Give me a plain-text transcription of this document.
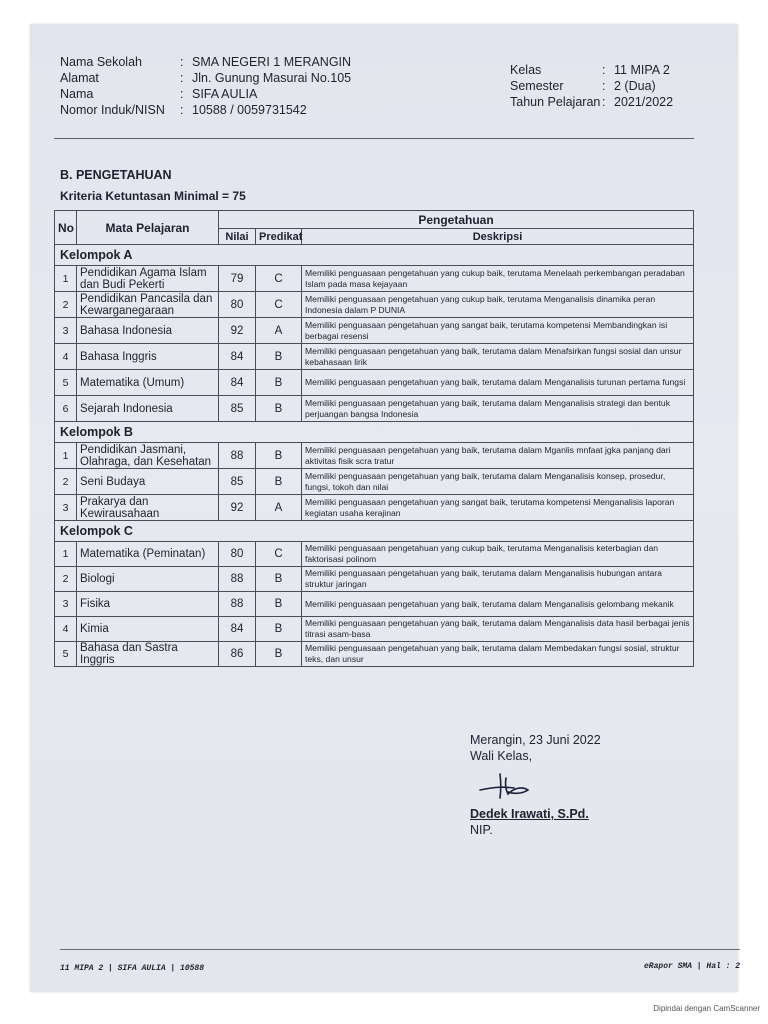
Nama Sekolah	: SMA NEGERI 1 MERANGIN
Alamat	: Jln. Gunung Masurai No.105
Nama	: SIFA AULIA
Nomor Induk/NISN	: 10588 / 0059731542
Kelas	: 11 MIPA 2
Semester	: 2 (Dua)
Tahun Pelajaran : 2021/2022
B. PENGETAHUAN
Kriteria Ketuntasan Minimal = 75
No	Mata Pelajaran	Pengetahuan		
		Nilai	Predikat	Deskripsi
Kelompok A				
1	Pendidikan Agama Islam dan Budi Pekerti	79	C	Memiliki penguasaan pengetahuan yang cukup baik, terutama Menelaah perkembangan peradaban Islam pada masa kejayaan
2	Pendidikan Pancasila dan Kewarganegaraan	80	C	Memiliki penguasaan pengetahuan yang cukup baik, terutama Menganalisis dinamika peran Indonesia dalam P DUNIA
3	Bahasa Indonesia	92	A	Memiliki penguasaan pengetahuan yang sangat baik, terutama kompetensi Membandingkan isi berbagai resensi
4	Bahasa Inggris	84	B	Memiliki penguasaan pengetahuan yang baik, terutama dalam Menafsirkan fungsi sosial dan unsur kebahasaan lirik
5	Matematika (Umum)	84	B	Memiliki penguasaan pengetahuan yang baik, terutama dalam Menganalisis turunan pertama fungsi
6	Sejarah Indonesia	85	B	Memiliki penguasaan pengetahuan yang baik, terutama dalam Menganalisis strategi dan bentuk perjuangan bangsa Indonesia
Kelompok B				
1	Pendidikan Jasmani, Olahraga, dan Kesehatan	88	B	Memiliki penguasaan pengetahuan yang baik, terutama dalam Mganlis mnfaat jgka panjang dari aktivitas fisik scra tratur
2	Seni Budaya	85	B	Memiliki penguasaan pengetahuan yang baik, terutama dalam Menganalisis konsep, prosedur, fungsi, tokoh dan nilai
3	Prakarya dan Kewirausahaan	92	A	Memiliki penguasaan pengetahuan yang sangat baik, terutama kompetensi Menganalisis laporan kegiatan usaha kerajinan
Kelompok C				
1	Matematika (Peminatan)	80	C	Memiliki penguasaan pengetahuan yang cukup baik, terutama Menganalisis keterbagian dan faktorisasi polinom
2	Biologi	88	B	Memiliki penguasaan pengetahuan yang baik, terutama dalam Menganalisis hubungan antara struktur jaringan
3	Fisika	88	B	Memiliki penguasaan pengetahuan yang baik, terutama dalam Menganalisis gelombang mekanik
4	Kimia	84	B	Memiliki penguasaan pengetahuan yang baik, terutama dalam Menganalisis data hasil berbagai jenis titrasi asam-basa
5	Bahasa dan Sastra Inggris	86	B	Memiliki penguasaan pengetahuan yang baik, terutama dalam Membedakan fungsi sosial, struktur teks, dan unsur
Merangin, 23 Juni 2022
Wali Kelas,
Dedek Irawati, S.Pd.
NIP.
11 MIPA 2 | SIFA AULIA | 10588	eRapor SMA | Hal : 2
Dipindai dengan CamScanner
